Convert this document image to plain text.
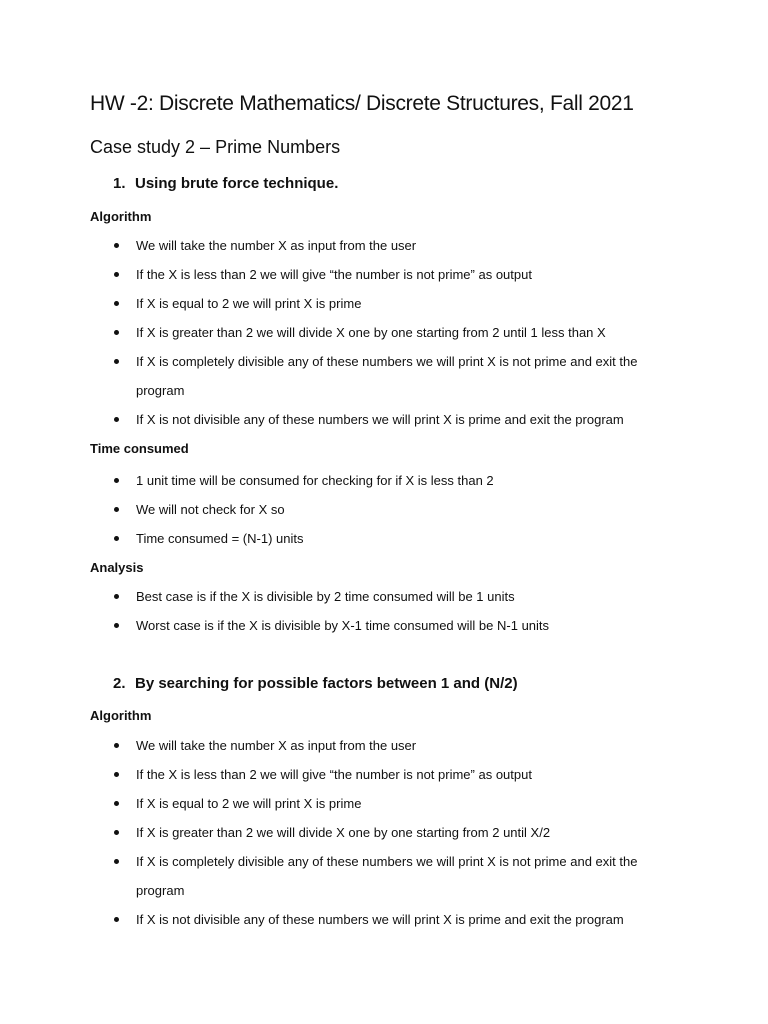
HW -2: Discrete Mathematics/ Discrete Structures, Fall 2021
Case study 2 – Prime Numbers
1. Using brute force technique.
Algorithm
We will take the number X as input from the user
If the X is less than 2 we will give “the number is not prime” as output
If X is equal to 2 we will print X is prime
If X is greater than 2 we will divide X one by one starting from 2 until 1 less than X
If X is completely divisible any of these numbers we will print X is not prime and exit the program
If X is not divisible any of these numbers we will print X is prime and exit the program
Time consumed
1 unit time will be consumed for checking for if X is less than 2
We will not check for X so
Time consumed = (N-1) units
Analysis
Best case is if the X is divisible by 2 time consumed will be 1 units
Worst case is if the X is divisible by X-1 time consumed will be N-1 units
2. By searching for possible factors between 1 and (N/2)
Algorithm
We will take the number X as input from the user
If the X is less than 2 we will give “the number is not prime” as output
If X is equal to 2 we will print X is prime
If X is greater than 2 we will divide X one by one starting from 2 until X/2
If X is completely divisible any of these numbers we will print X is not prime and exit the program
If X is not divisible any of these numbers we will print X is prime and exit the program
